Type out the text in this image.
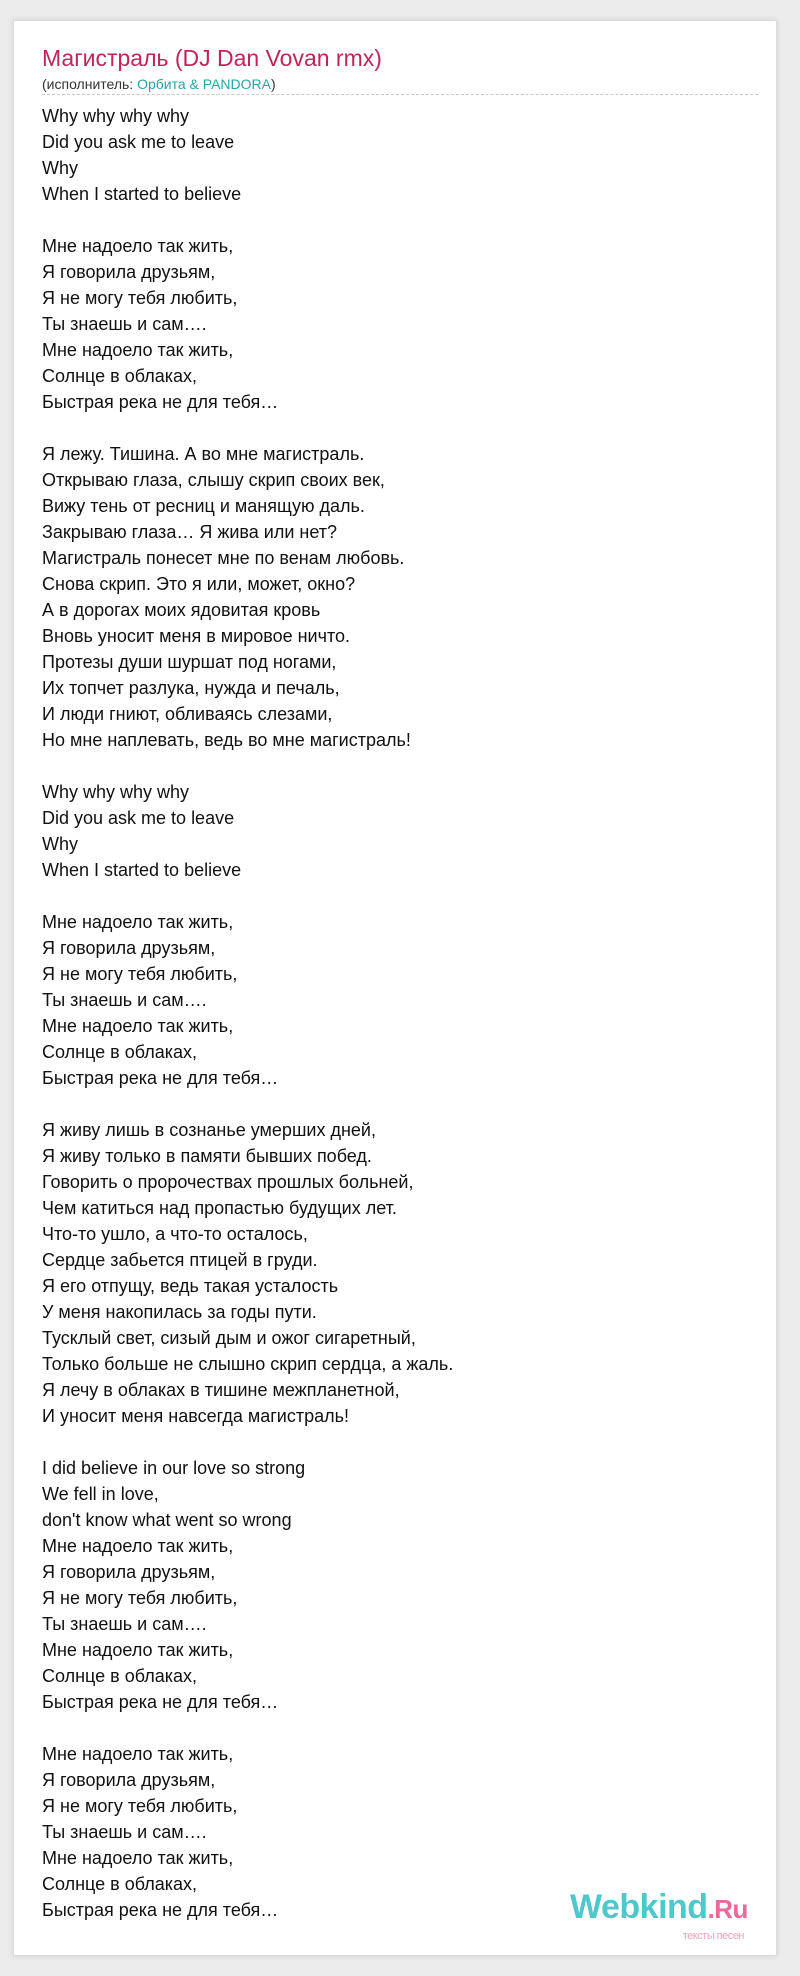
Магистраль (DJ Dan Vovan rmx)
(исполнитель: Орбита & PANDORA)
Why why why why
Did you ask me to leave
Why
When I started to believe

Мне надоело так жить,
Я говорила друзьям,
Я не могу тебя любить,
Ты знаешь и сам….
Мне надоело так жить,
Солнце в облаках,
Быстрая река не для тебя…

Я лежу. Тишина. А во мне магистраль.
Открываю глаза, слышу скрип своих век,
Вижу тень от ресниц и манящую даль.
Закрываю глаза… Я жива или нет?
Магистраль понесет мне по венам любовь.
Снова скрип. Это я или, может, окно?
А в дорогах моих ядовитая кровь
Вновь уносит меня в мировое ничто.
Протезы души шуршат под ногами,
Их топчет разлука, нужда и печаль,
И люди гниют, обливаясь слезами,
Но мне наплевать, ведь во мне магистраль!

Why why why why
Did you ask me to leave
Why
When I started to believe

Мне надоело так жить,
Я говорила друзьям,
Я не могу тебя любить,
Ты знаешь и сам….
Мне надоело так жить,
Солнце в облаках,
Быстрая река не для тебя…

Я живу лишь в сознанье умерших дней,
Я живу только в памяти бывших побед.
Говорить о пророчествах прошлых больней,
Чем катиться над пропастью будущих лет.
Что-то ушло, а что-то осталось,
Сердце забьется птицей в груди.
Я его отпущу, ведь такая усталость
У меня накопилась за годы пути.
Тусклый свет, сизый дым и ожог сигаретный,
Только больше не слышно скрип сердца, а жаль.
Я лечу в облаках в тишине межпланетной,
И уносит меня навсегда магистраль!

I did believe in our love so strong
We fell in love,
don't know what went so wrong
Мне надоело так жить,
Я говорила друзьям,
Я не могу тебя любить,
Ты знаешь и сам….
Мне надоело так жить,
Солнце в облаках,
Быстрая река не для тебя…

Мне надоело так жить,
Я говорила друзьям,
Я не могу тебя любить,
Ты знаешь и сам….
Мне надоело так жить,
Солнце в облаках,
Быстрая река не для тебя…	Webkind.Ru
тексты песен
